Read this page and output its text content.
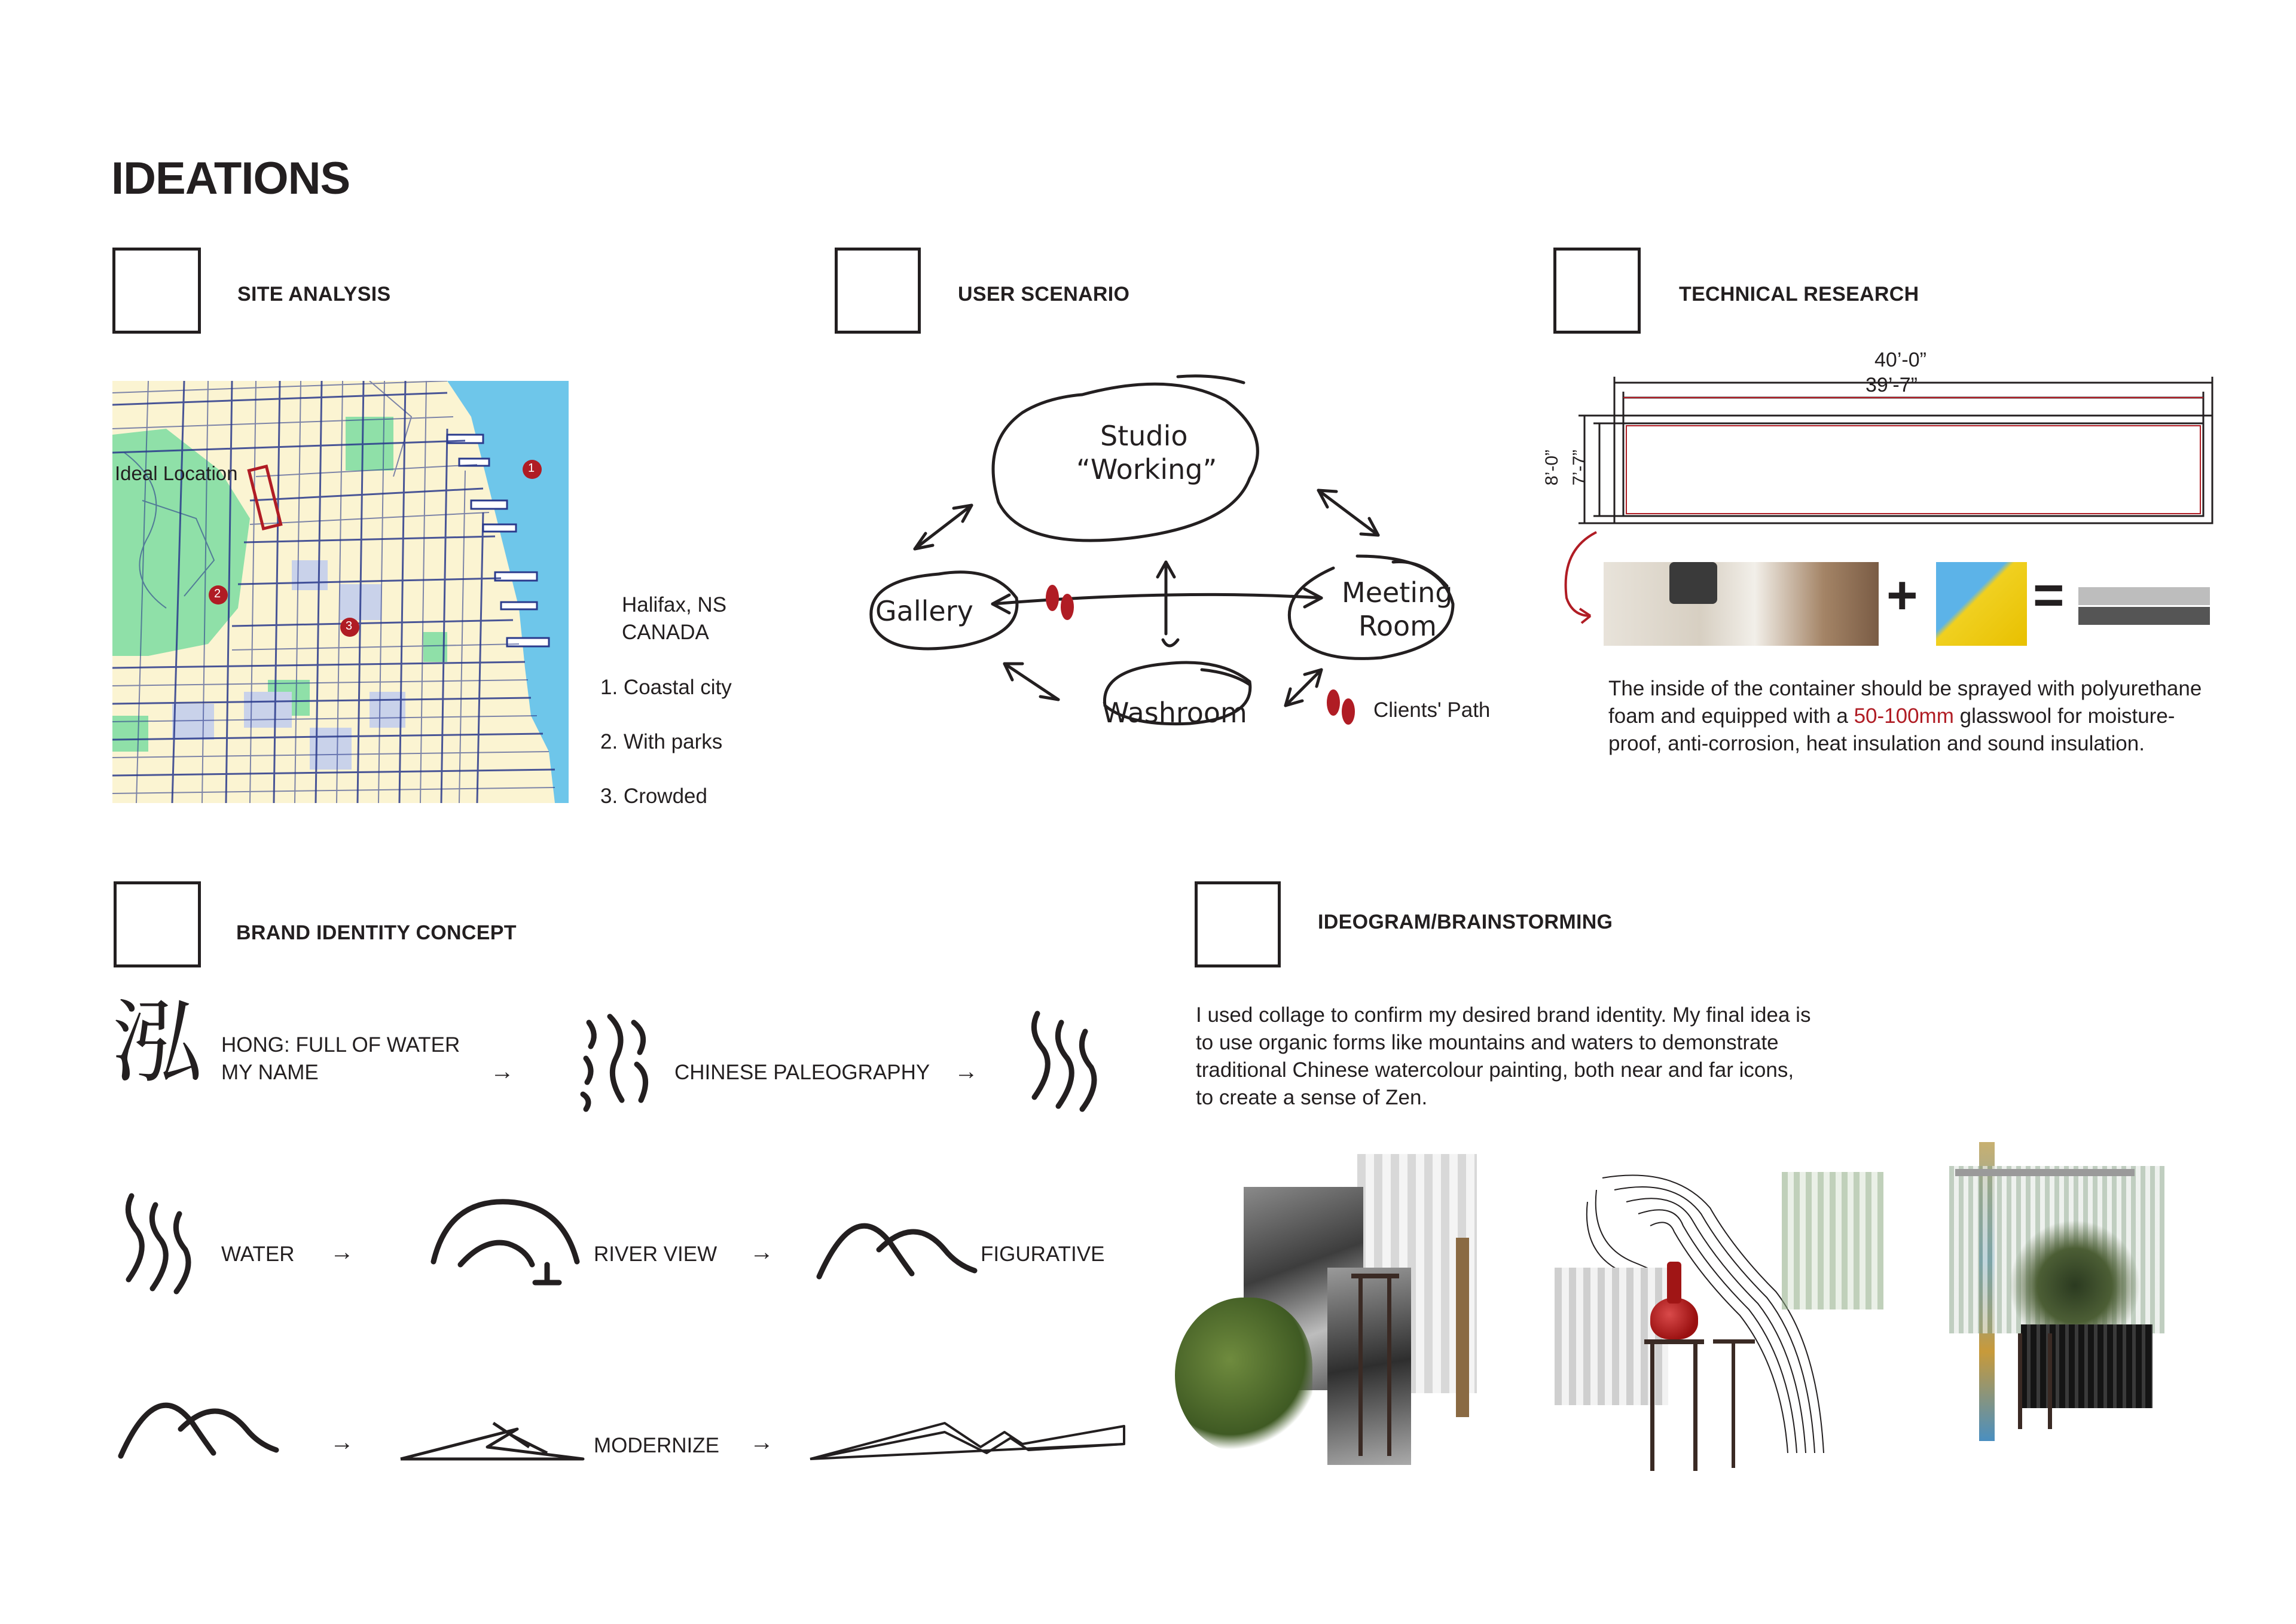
IDEATIONS
SITE ANALYSIS
1
2
3
Ideal Location
Halifax, NS
CANADA
1. Coastal city
2. With parks
3. Crowded
USER SCENARIO
Studio
“Working”
Gallery
Meeting
Room
Washroom	Clients' Path
TECHNICAL RESEARCH
40’-0”
39’-7”
8’-0” 7’-7”
+ =
The inside of the container should be sprayed with polyurethane
foam and equipped with a 50-100mm glasswool for moisture-
proof, anti-corrosion, heat insulation and sound insulation.
BRAND IDENTITY CONCEPT
泓 HONG: FULL OF WATER
MY NAME	→	CHINESE PALEOGRAPHY →
WATER →	RIVER VIEW →	FIGURATIVE
→	MODERNIZE →
IDEOGRAM/BRAINSTORMING
I used collage to confirm my desired brand identity. My final idea is
to use organic forms like mountains and waters to demonstrate
traditional Chinese watercolour painting, both near and far icons,
to create a sense of Zen.
